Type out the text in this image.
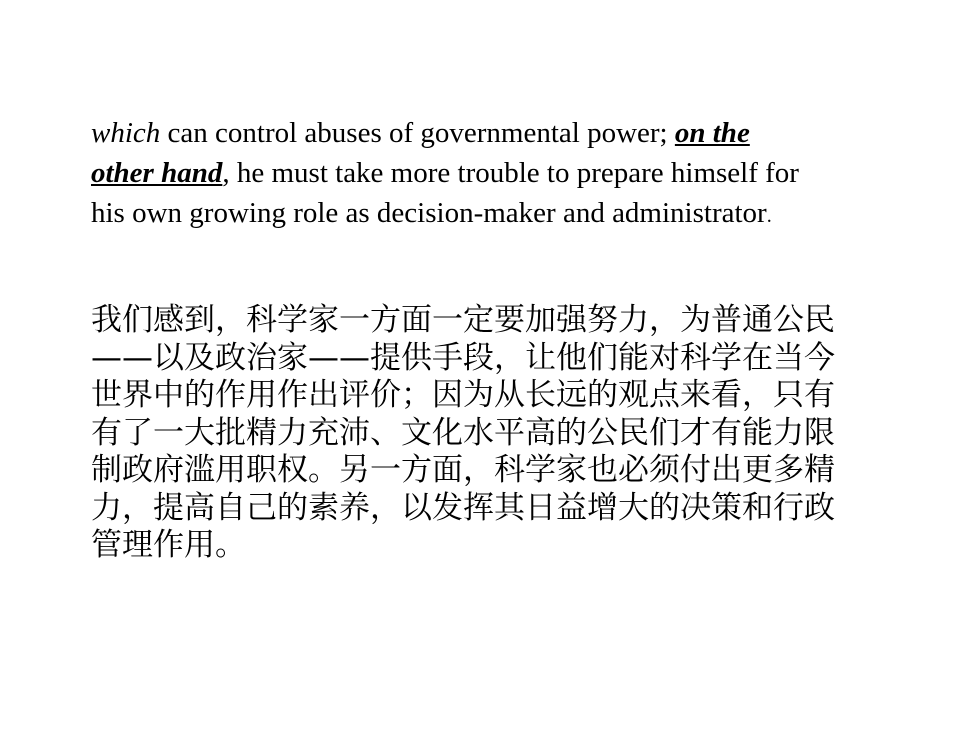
which can control abuses of governmental power; on the
other hand, he must take more trouble to prepare himself for
his own growing role as decision-maker and administrator.
我们感到，科学家一方面一定要加强努力，为普通公民
——以及政治家——提供手段，让他们能对科学在当今
世界中的作用作出评价；因为从长远的观点来看，只有
有了一大批精力充沛、文化水平高的公民们才有能力限
制政府滥用职权。另一方面，科学家也必须付出更多精
力，提高自己的素养，以发挥其日益增大的决策和行政
管理作用。
